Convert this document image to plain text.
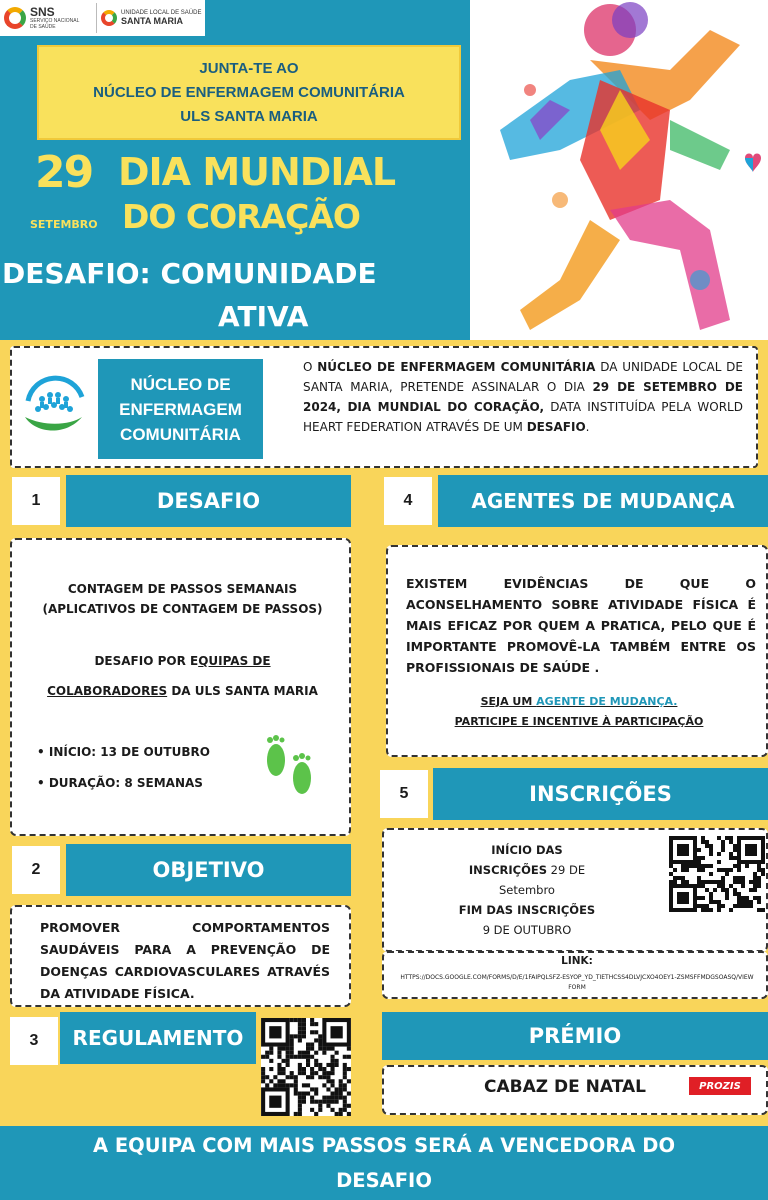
SNS
SERVIÇO NACIONAL
DE SAÚDE
UNIDADE LOCAL DE SAÚDE
SANTA MARIA
JUNTA-TE AO
NÚCLEO DE ENFERMAGEM COMUNITÁRIA
ULS SANTA MARIA
29
SETEMBRO
DIA MUNDIAL
DO CORAÇÃO
DESAFIO: COMUNIDADE
ATIVA
NÚCLEO DE
ENFERMAGEM
COMUNITÁRIA
O NÚCLEO DE ENFERMAGEM COMUNITÁRIA DA UNIDADE LOCAL DE SANTA MARIA, PRETENDE ASSINALAR O DIA 29 DE SETEMBRO DE 2024, DIA MUNDIAL DO CORAÇÃO, DATA INSTITUÍDA PELA WORLD HEART FEDERATION ATRAVÉS DE UM DESAFIO.
1	DESAFIO	4	AGENTES DE MUDANÇA
CONTAGEM DE PASSOS SEMANAIS
(APLICATIVOS DE CONTAGEM DE PASSOS)
DESAFIO POR EQUIPAS DE
COLABORADORES DA ULS SANTA MARIA
• INÍCIO: 13 DE OUTUBRO
• DURAÇÃO: 8 SEMANAS
EXISTEM EVIDÊNCIAS DE QUE O ACONSELHAMENTO SOBRE ATIVIDADE FÍSICA É MAIS EFICAZ POR QUEM A PRATICA, PELO QUE É IMPORTANTE PROMOVÊ-LA TAMBÉM ENTRE OS PROFISSIONAIS DE SAÚDE .
SEJA UM AGENTE DE MUDANÇA.
PARTICIPE E INCENTIVE À PARTICIPAÇÃO
5	INSCRIÇÕES
INÍCIO DAS
INSCRIÇÕES 29 DE
Setembro
FIM DAS INSCRIÇÕES
9 DE OUTUBRO
LINK:
HTTPS://DOCS.GOOGLE.COM/FORMS/D/E/1FAIPQLSFZ-ESYOP_YD_TIETHCSS4DLVJCXO4OEY1-ZSMSFFMDGSOASQ/VIEWFORM
2	OBJETIVO
PROMOVER COMPORTAMENTOS SAUDÁVEIS PARA A PREVENÇÃO DE DOENÇAS CARDIOVASCULARES ATRAVÉS DA ATIVIDADE FÍSICA.
3	REGULAMENTO	PRÉMIO
CABAZ DE NATAL	PROZIS
A EQUIPA COM MAIS PASSOS SERÁ A VENCEDORA DO
DESAFIO
